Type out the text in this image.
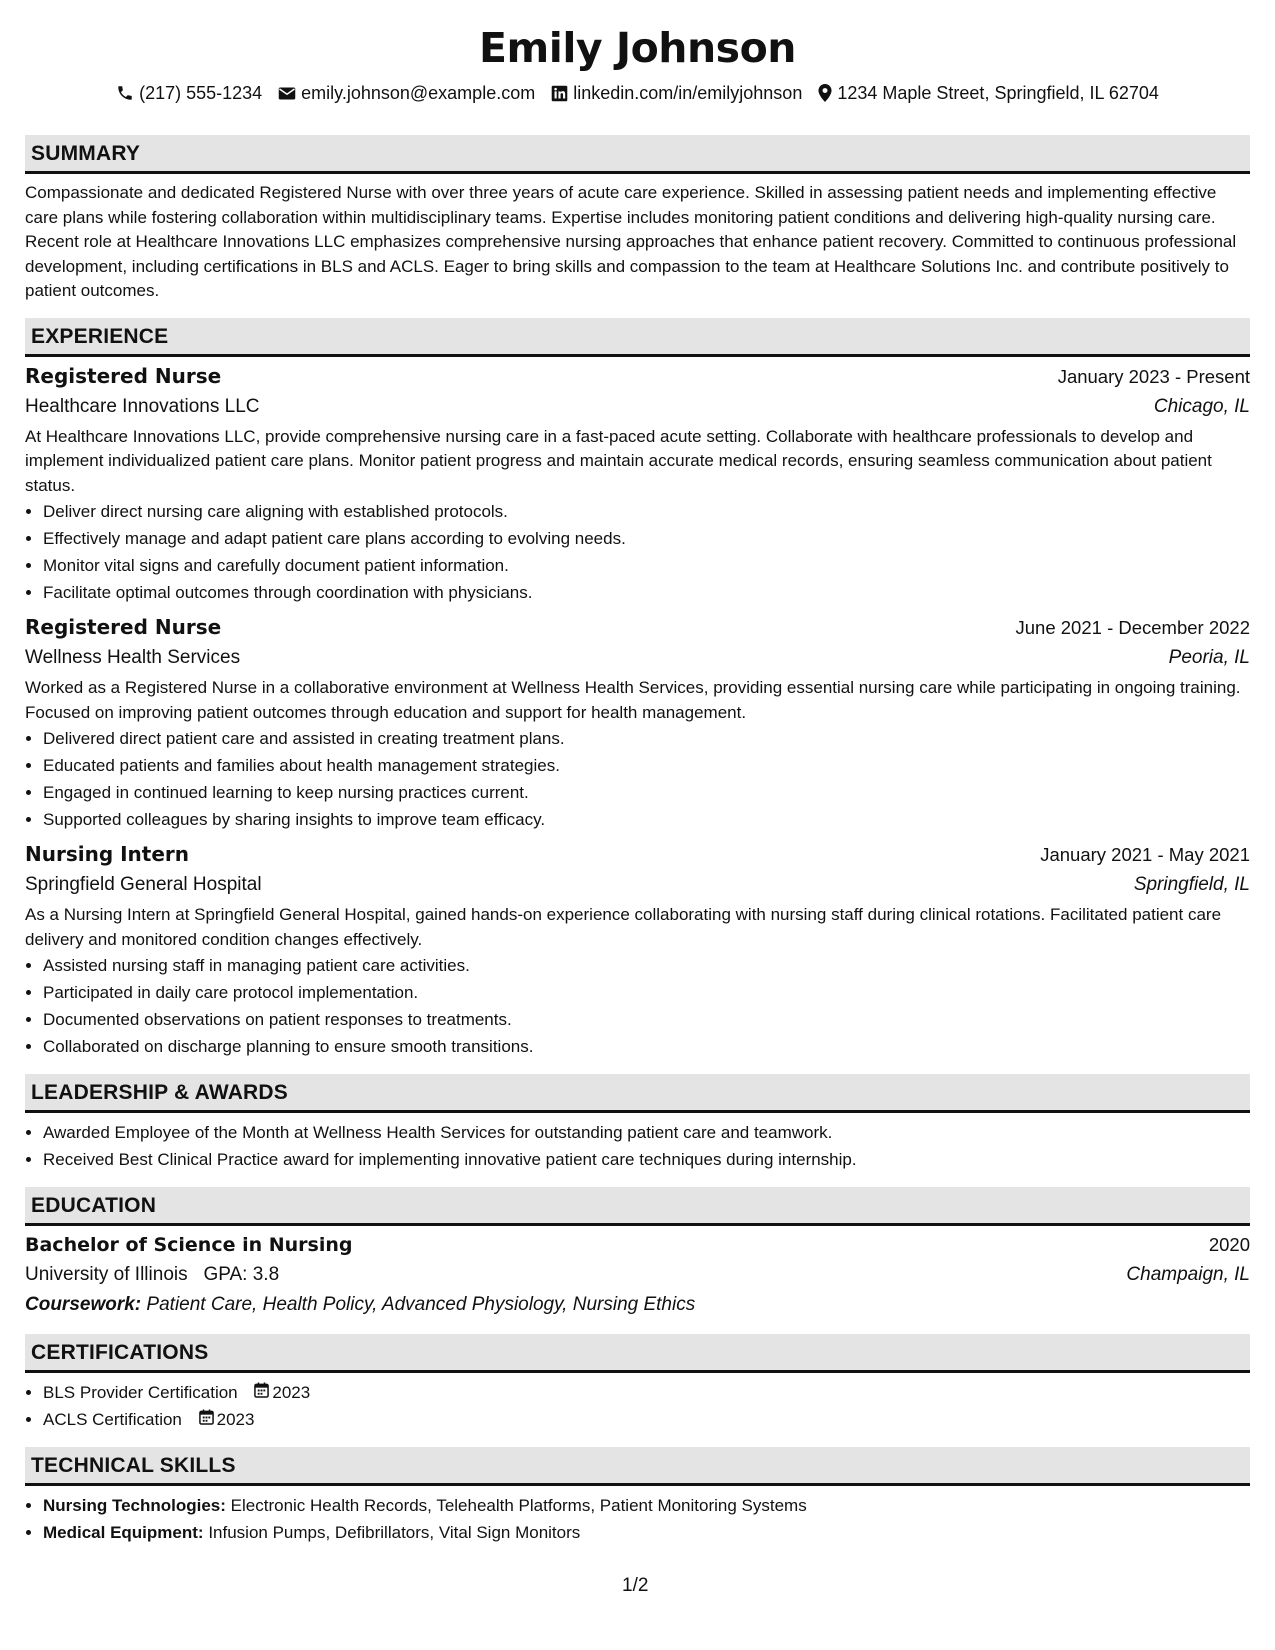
Emily Johnson
(217) 555-1234 emily.johnson@example.com linkedin.com/in/emilyjohnson 1234 Maple Street, Springfield, IL 62704
SUMMARY

Compassionate and dedicated Registered Nurse with over three years of acute care experience. Skilled in assessing patient needs and implementing effective care plans while fostering collaboration within multidisciplinary teams. Expertise includes monitoring patient conditions and delivering high-quality nursing care. Recent role at Healthcare Innovations LLC emphasizes comprehensive nursing approaches that enhance patient recovery. Committed to continuous professional development, including certifications in BLS and ACLS. Eager to bring skills and compassion to the team at Healthcare Solutions Inc. and contribute positively to patient outcomes.

EXPERIENCE
Registered Nurse	January 2023 - Present
Healthcare Innovations LLC	Chicago, IL

At Healthcare Innovations LLC, provide comprehensive nursing care in a fast-paced acute setting. Collaborate with healthcare professionals to develop and implement individualized patient care plans. Monitor patient progress and maintain accurate medical records, ensuring seamless communication about patient status.

• Deliver direct nursing care aligning with established protocols.
• Effectively manage and adapt patient care plans according to evolving needs.
• Monitor vital signs and carefully document patient information.
• Facilitate optimal outcomes through coordination with physicians.
Registered Nurse	June 2021 - December 2022
Wellness Health Services	Peoria, IL

Worked as a Registered Nurse in a collaborative environment at Wellness Health Services, providing essential nursing care while participating in ongoing training. Focused on improving patient outcomes through education and support for health management.

• Delivered direct patient care and assisted in creating treatment plans.
• Educated patients and families about health management strategies.
• Engaged in continued learning to keep nursing practices current.
• Supported colleagues by sharing insights to improve team efficacy.
Nursing Intern	January 2021 - May 2021
Springfield General Hospital	Springfield, IL

As a Nursing Intern at Springfield General Hospital, gained hands-on experience collaborating with nursing staff during clinical rotations. Facilitated patient care delivery and monitored condition changes effectively.

• Assisted nursing staff in managing patient care activities.
• Participated in daily care protocol implementation.
• Documented observations on patient responses to treatments.
• Collaborated on discharge planning to ensure smooth transitions.
LEADERSHIP & AWARDS
• Awarded Employee of the Month at Wellness Health Services for outstanding patient care and teamwork.
• Received Best Clinical Practice award for implementing innovative patient care techniques during internship.
EDUCATION
Bachelor of Science in Nursing	2020
University of Illinois GPA: 3.8	Champaign, IL
Coursework: Patient Care, Health Policy, Advanced Physiology, Nursing Ethics
CERTIFICATIONS
• BLS Provider Certification 2023
• ACLS Certification 2023
TECHNICAL SKILLS
• Nursing Technologies: Electronic Health Records, Telehealth Platforms, Patient Monitoring Systems
• Medical Equipment: Infusion Pumps, Defibrillators, Vital Sign Monitors
1/2
